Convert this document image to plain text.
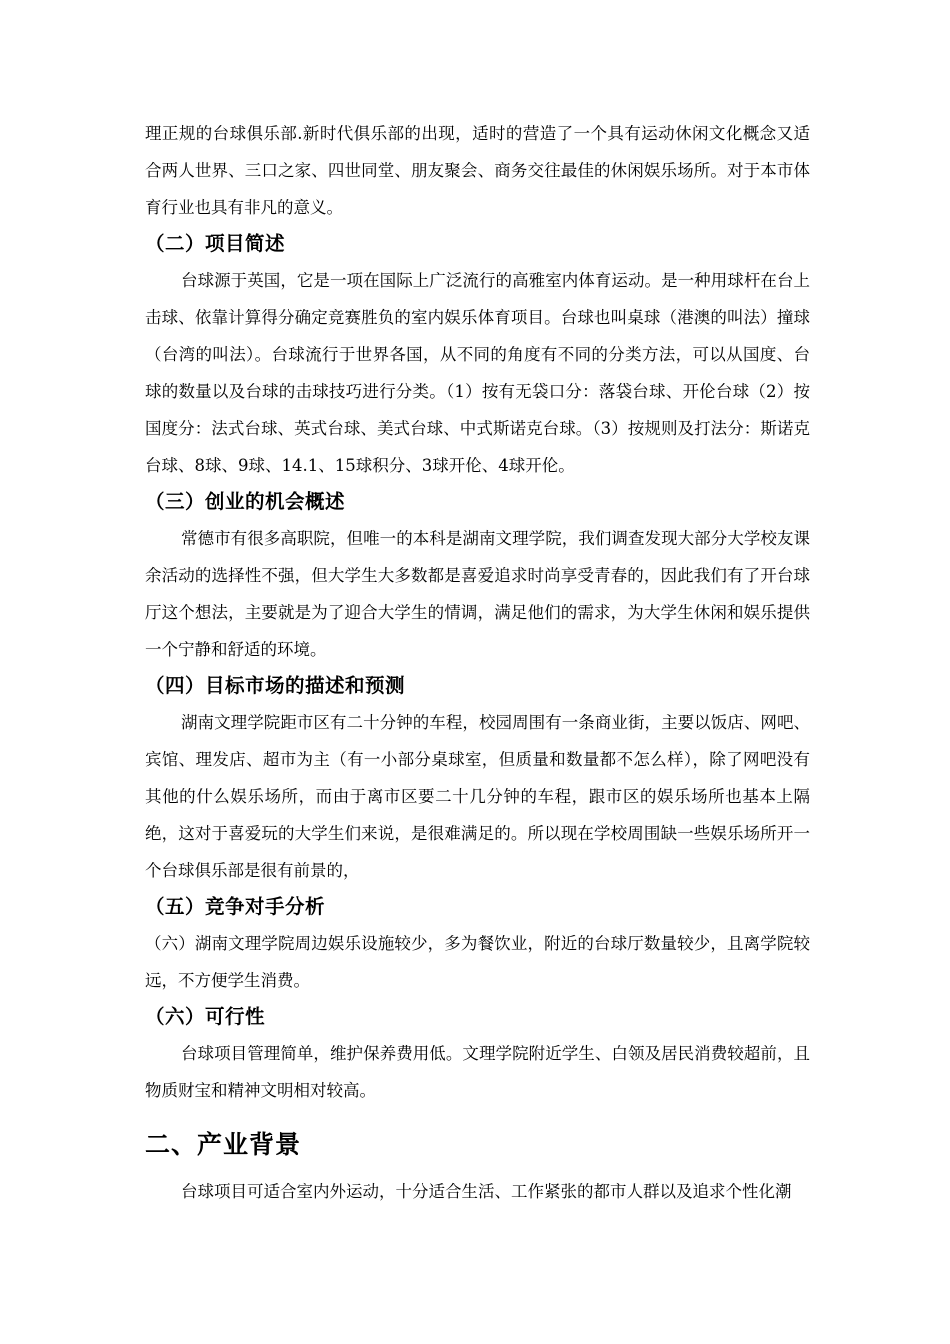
理正规的台球俱乐部.新时代俱乐部的出现，适时的营造了一个具有运动休闲文化概念又适合两人世界、三口之家、四世同堂、朋友聚会、商务交往最佳的休闲娱乐场所。对于本市体育行业也具有非凡的意义。

（二）项目简述

台球源于英国，它是一项在国际上广泛流行的高雅室内体育运动。是一种用球杆在台上击球、依靠计算得分确定竞赛胜负的室内娱乐体育项目。台球也叫桌球（港澳的叫法）撞球（台湾的叫法）。台球流行于世界各国，从不同的角度有不同的分类方法，可以从国度、台球的数量以及台球的击球技巧进行分类。（1）按有无袋口分：落袋台球、开伦台球（2）按国度分：法式台球、英式台球、美式台球、中式斯诺克台球。（3）按规则及打法分：斯诺克台球、8球、9球、14.1、15球积分、3球开伦、4球开伦。

（三）创业的机会概述

常德市有很多高职院，但唯一的本科是湖南文理学院，我们调查发现大部分大学校友课余活动的选择性不强，但大学生大多数都是喜爱追求时尚享受青春的，因此我们有了开台球厅这个想法，主要就是为了迎合大学生的情调，满足他们的需求，为大学生休闲和娱乐提供一个宁静和舒适的环境。

（四）目标市场的描述和预测

湖南文理学院距市区有二十分钟的车程，校园周围有一条商业街，主要以饭店、网吧、宾馆、理发店、超市为主（有一小部分桌球室，但质量和数量都不怎么样），除了网吧没有其他的什么娱乐场所，而由于离市区要二十几分钟的车程，跟市区的娱乐场所也基本上隔绝，这对于喜爱玩的大学生们来说，是很难满足的。所以现在学校周围缺一些娱乐场所开一个台球俱乐部是很有前景的，

（五）竞争对手分析

（六）湖南文理学院周边娱乐设施较少，多为餐饮业，附近的台球厅数量较少，且离学院较远，不方便学生消费。

（六）可行性

台球项目管理简单，维护保养费用低。文理学院附近学生、白领及居民消费较超前，且物质财宝和精神文明相对较高。

二、产业背景

台球项目可适合室内外运动，十分适合生活、工作紧张的都市人群以及追求个性化潮
